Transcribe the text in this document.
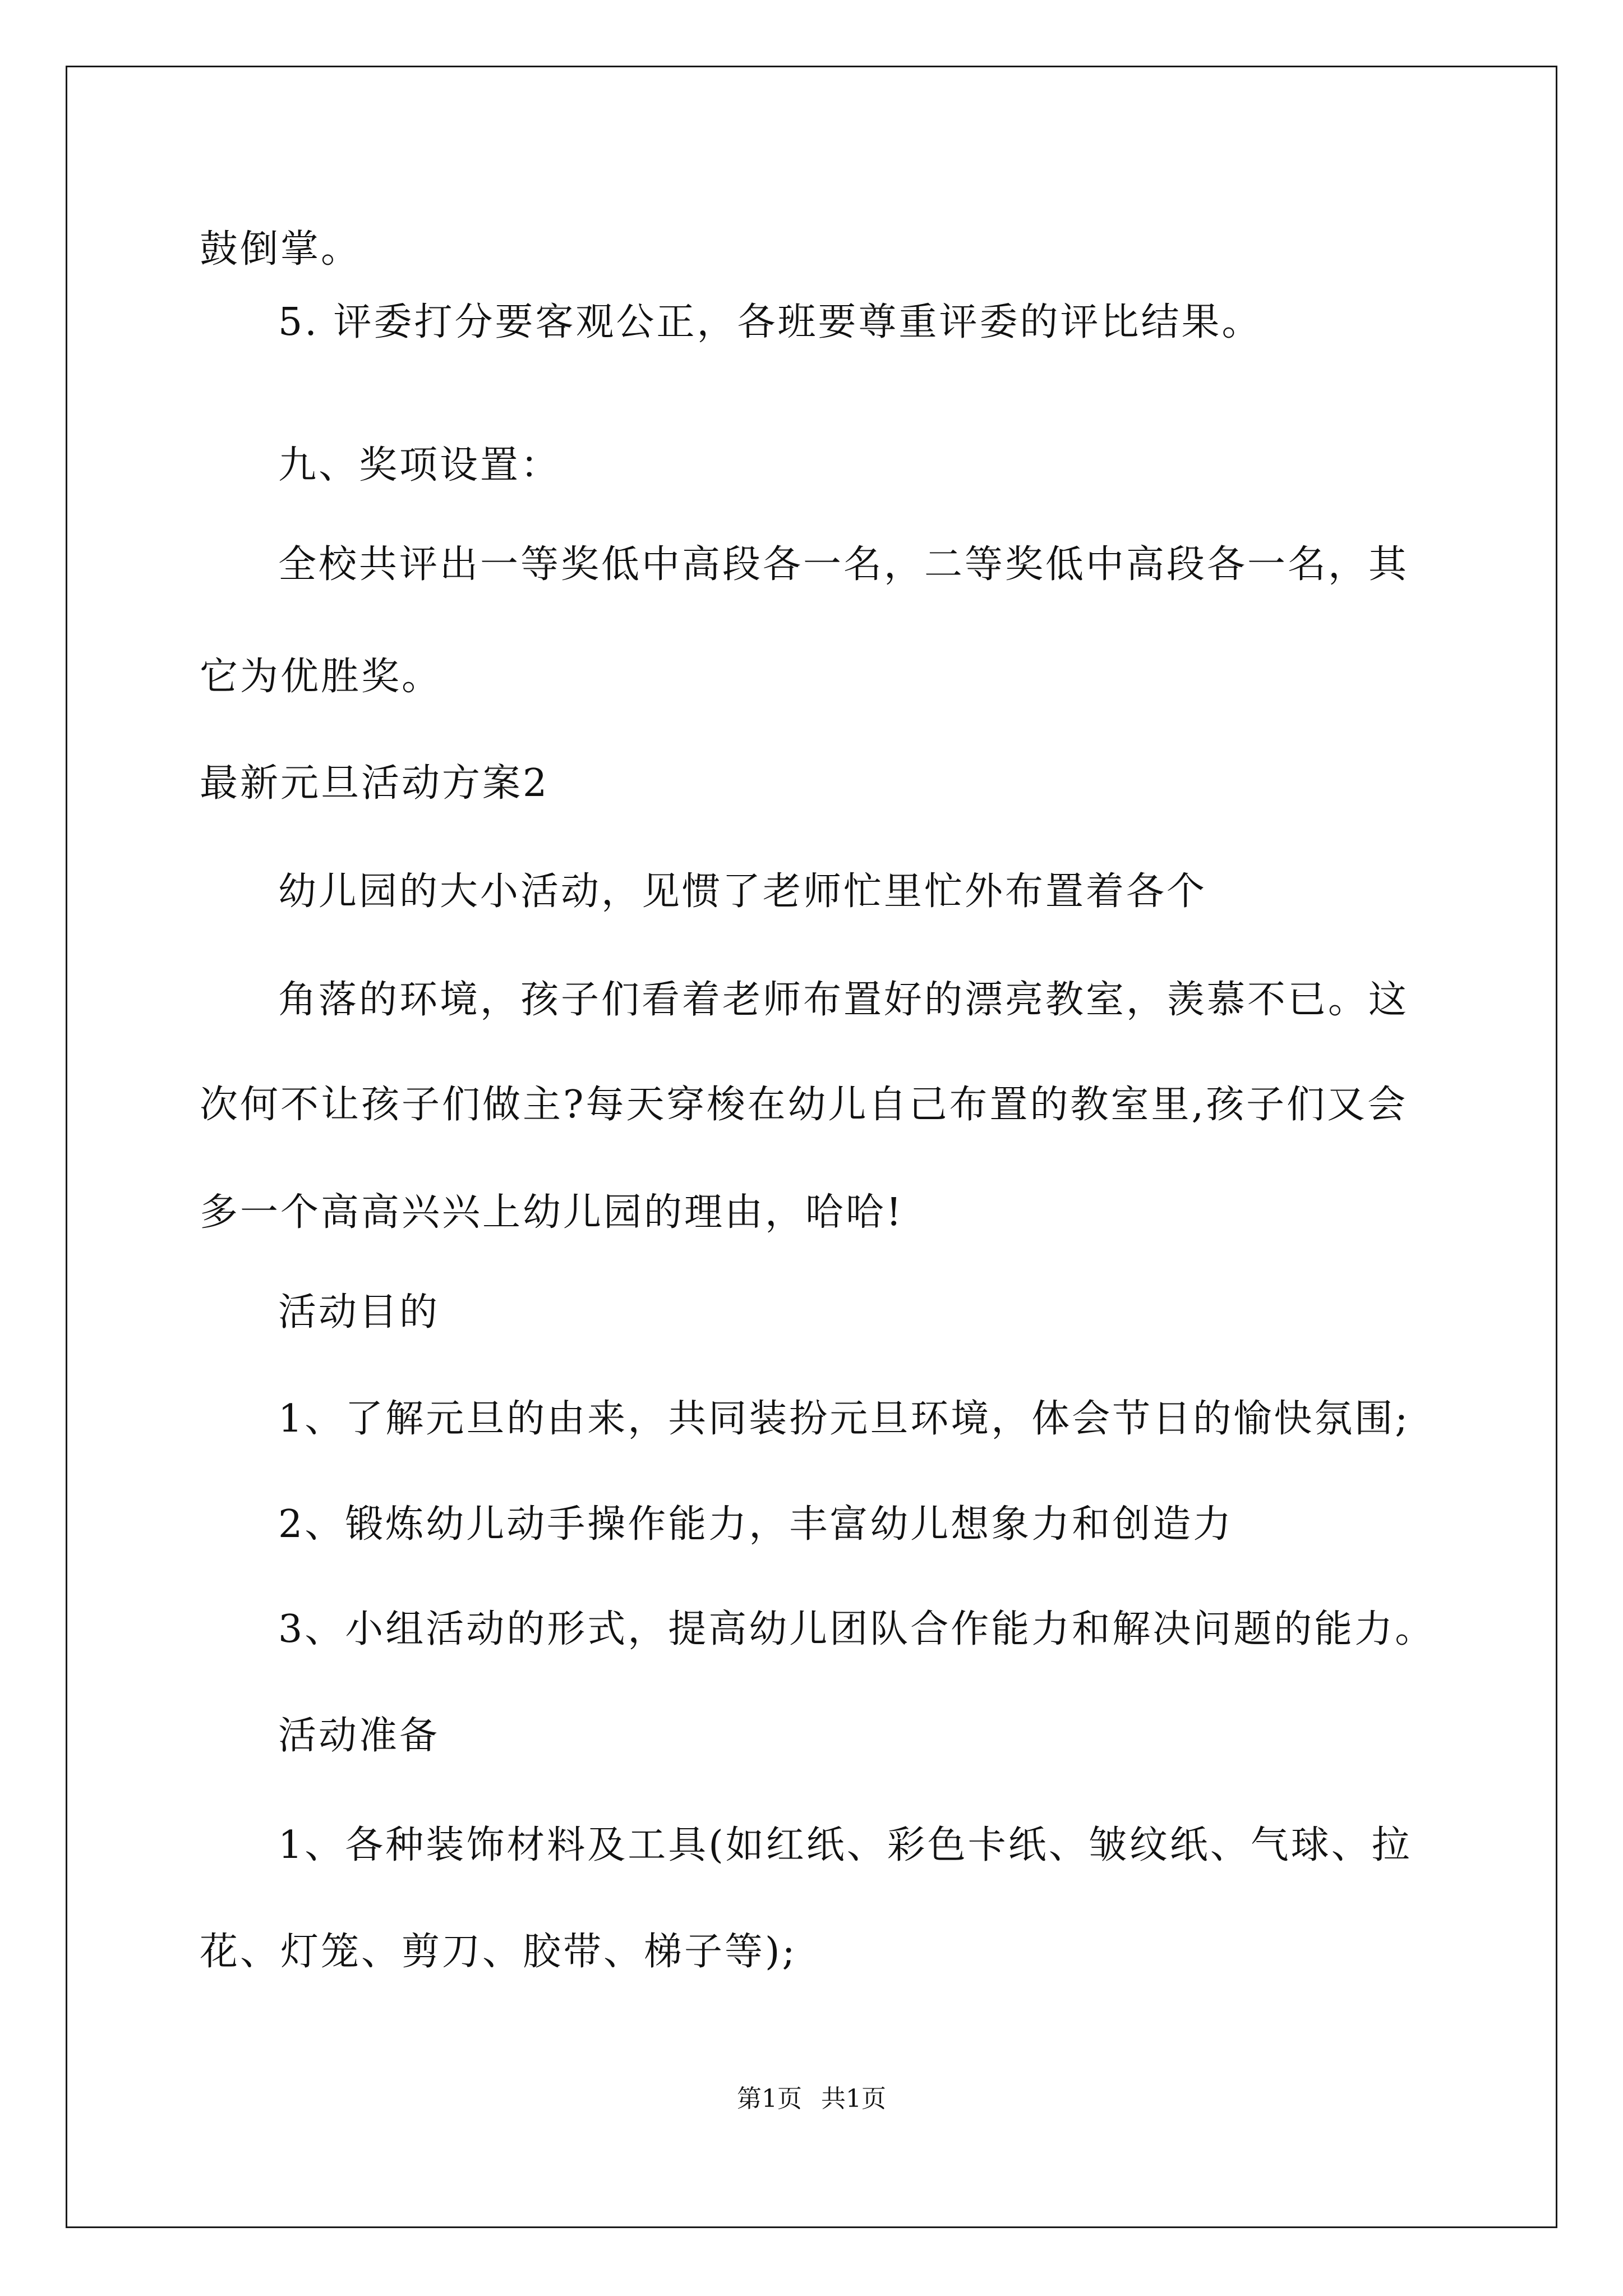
鼓倒掌。
5. 评委打分要客观公正，各班要尊重评委的评比结果。
九、奖项设置：
全校共评出一等奖低中高段各一名，二等奖低中高段各一名，其
它为优胜奖。
最新元旦活动方案2
幼儿园的大小活动，见惯了老师忙里忙外布置着各个
角落的环境，孩子们看着老师布置好的漂亮教室，羡慕不已。这
次何不让孩子们做主?每天穿梭在幼儿自己布置的教室里,孩子们又会
多一个高高兴兴上幼儿园的理由，哈哈!
活动目的
1、了解元旦的由来，共同装扮元旦环境，体会节日的愉快氛围;
2、锻炼幼儿动手操作能力，丰富幼儿想象力和创造力
3、小组活动的形式，提高幼儿团队合作能力和解决问题的能力。
活动准备
1、各种装饰材料及工具(如红纸、彩色卡纸、皱纹纸、气球、拉
花、灯笼、剪刀、胶带、梯子等);
第1页 共1页
